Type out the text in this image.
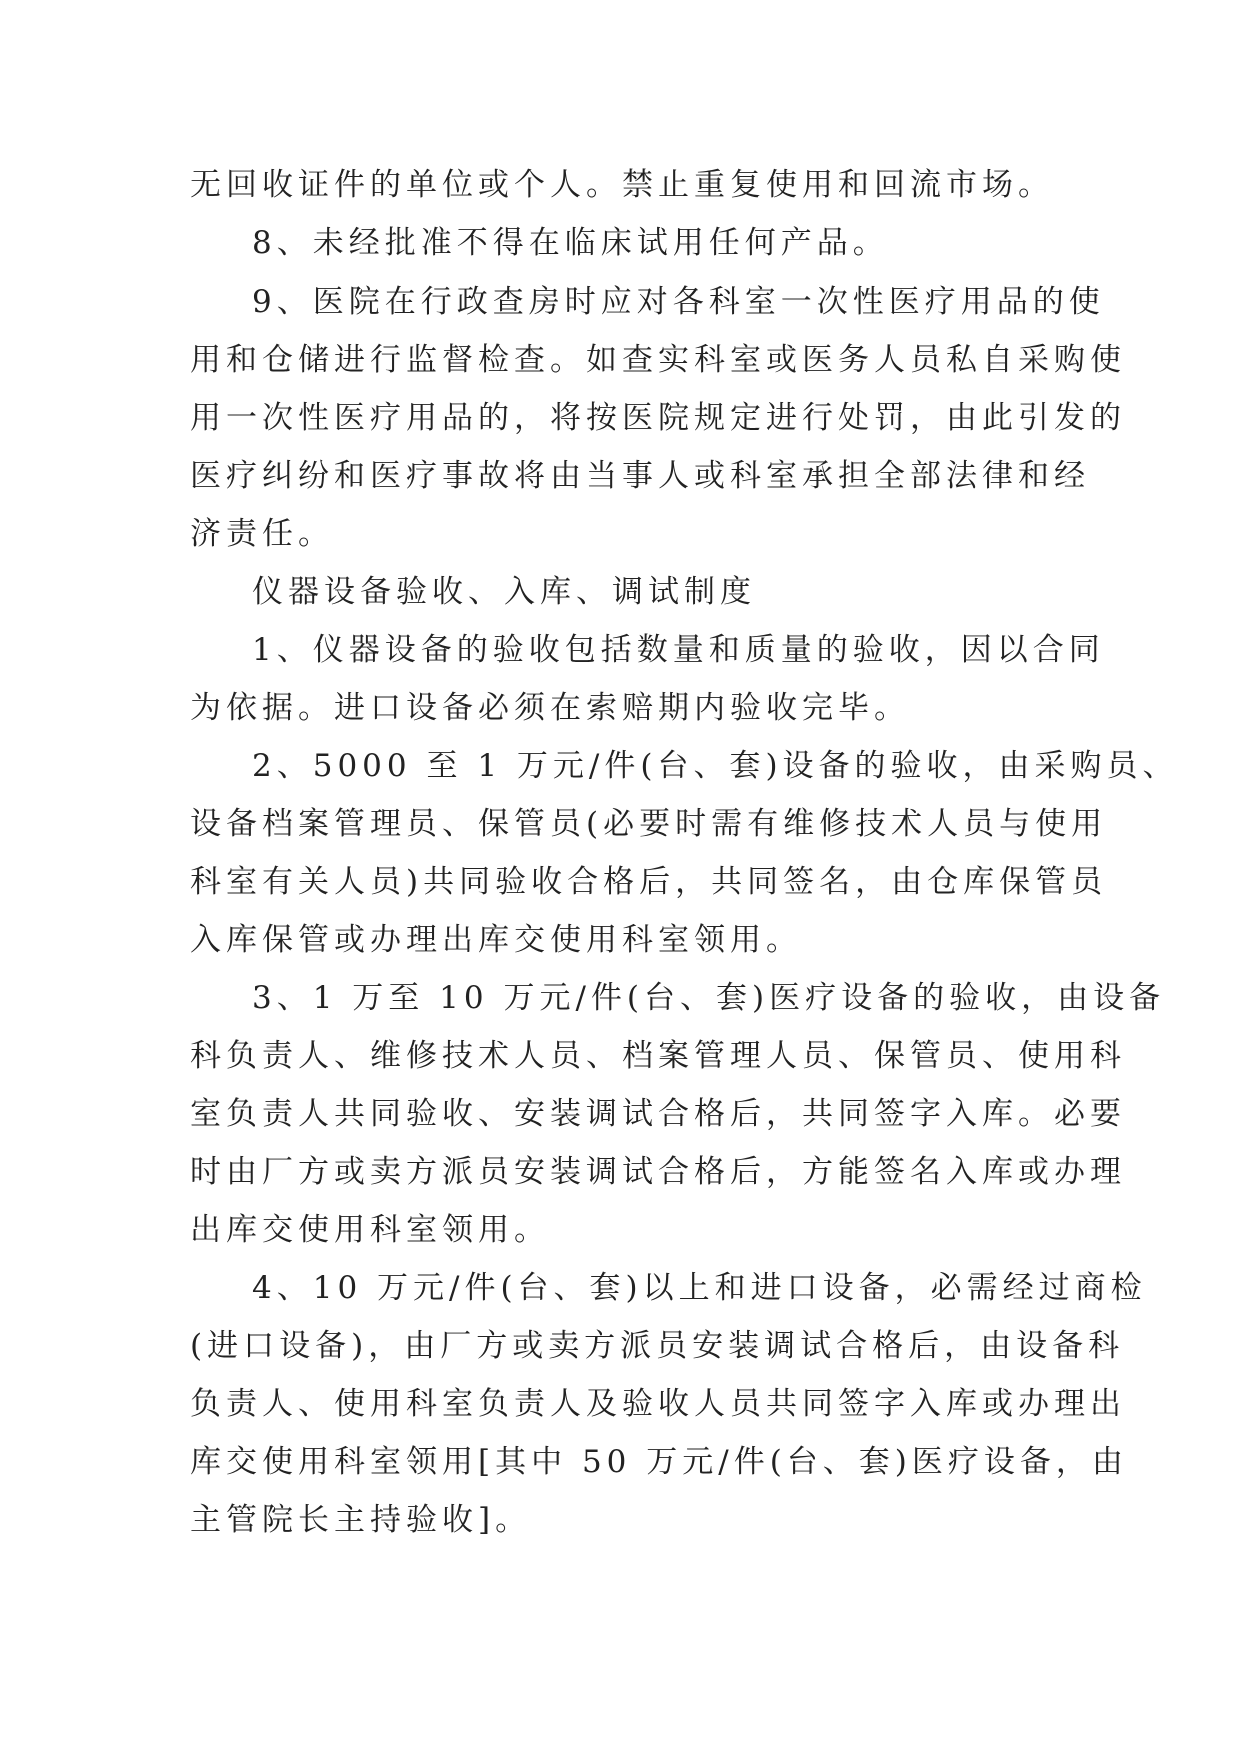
无回收证件的单位或个人。禁止重复使用和回流市场。
8、未经批准不得在临床试用任何产品。
9、医院在行政查房时应对各科室一次性医疗用品的使
用和仓储进行监督检查。如查实科室或医务人员私自采购使
用一次性医疗用品的，将按医院规定进行处罚，由此引发的
医疗纠纷和医疗事故将由当事人或科室承担全部法律和经
济责任。
仪器设备验收、入库、调试制度
1、仪器设备的验收包括数量和质量的验收，因以合同
为依据。进口设备必须在索赔期内验收完毕。
2、5000 至 1 万元/件(台、套)设备的验收，由采购员、
设备档案管理员、保管员(必要时需有维修技术人员与使用
科室有关人员)共同验收合格后，共同签名，由仓库保管员
入库保管或办理出库交使用科室领用。
3、1 万至 10 万元/件(台、套)医疗设备的验收，由设备
科负责人、维修技术人员、档案管理人员、保管员、使用科
室负责人共同验收、安装调试合格后，共同签字入库。必要
时由厂方或卖方派员安装调试合格后，方能签名入库或办理
出库交使用科室领用。
4、10 万元/件(台、套)以上和进口设备，必需经过商检
(进口设备)，由厂方或卖方派员安装调试合格后，由设备科
负责人、使用科室负责人及验收人员共同签字入库或办理出
库交使用科室领用[其中 50 万元/件(台、套)医疗设备，由
主管院长主持验收]。
